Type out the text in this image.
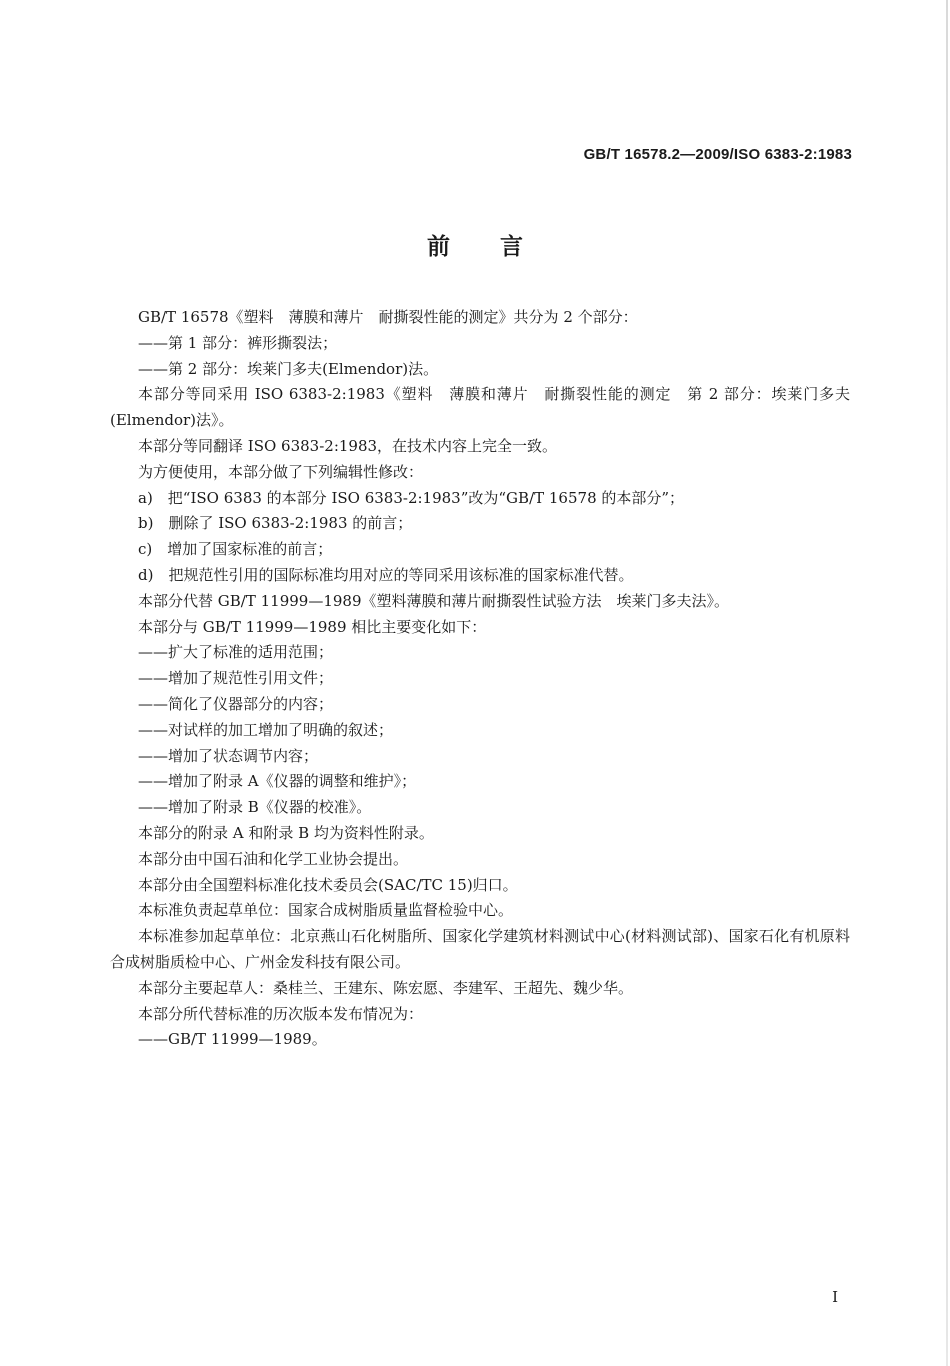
GB/T 16578.2—2009/ISO 6383-2:1983
前言

GB/T 16578《塑料　薄膜和薄片　耐撕裂性能的测定》共分为 2 个部分：

——第 1 部分：裤形撕裂法；

——第 2 部分：埃莱门多夫(Elmendor)法。

本部分等同采用 ISO 6383-2:1983《塑料　薄膜和薄片　耐撕裂性能的测定　第 2 部分：埃莱门多夫(Elmendor)法》。

本部分等同翻译 ISO 6383-2:1983，在技术内容上完全一致。

为方便使用，本部分做了下列编辑性修改：

a)　把“ISO 6383 的本部分 ISO 6383-2:1983”改为“GB/T 16578 的本部分”；

b)　删除了 ISO 6383-2:1983 的前言；

c)　增加了国家标准的前言；

d)　把规范性引用的国际标准均用对应的等同采用该标准的国家标准代替。

本部分代替 GB/T 11999—1989《塑料薄膜和薄片耐撕裂性试验方法　埃莱门多夫法》。

本部分与 GB/T 11999—1989 相比主要变化如下：

——扩大了标准的适用范围；

——增加了规范性引用文件；

——简化了仪器部分的内容；

——对试样的加工增加了明确的叙述；

——增加了状态调节内容；

——增加了附录 A《仪器的调整和维护》；

——增加了附录 B《仪器的校准》。

本部分的附录 A 和附录 B 均为资料性附录。

本部分由中国石油和化学工业协会提出。

本部分由全国塑料标准化技术委员会(SAC/TC 15)归口。

本标准负责起草单位：国家合成树脂质量监督检验中心。

本标准参加起草单位：北京燕山石化树脂所、国家化学建筑材料测试中心(材料测试部)、国家石化有机原料合成树脂质检中心、广州金发科技有限公司。

本部分主要起草人：桑桂兰、王建东、陈宏愿、李建军、王超先、魏少华。

本部分所代替标准的历次版本发布情况为：

——GB/T 11999—1989。

I
